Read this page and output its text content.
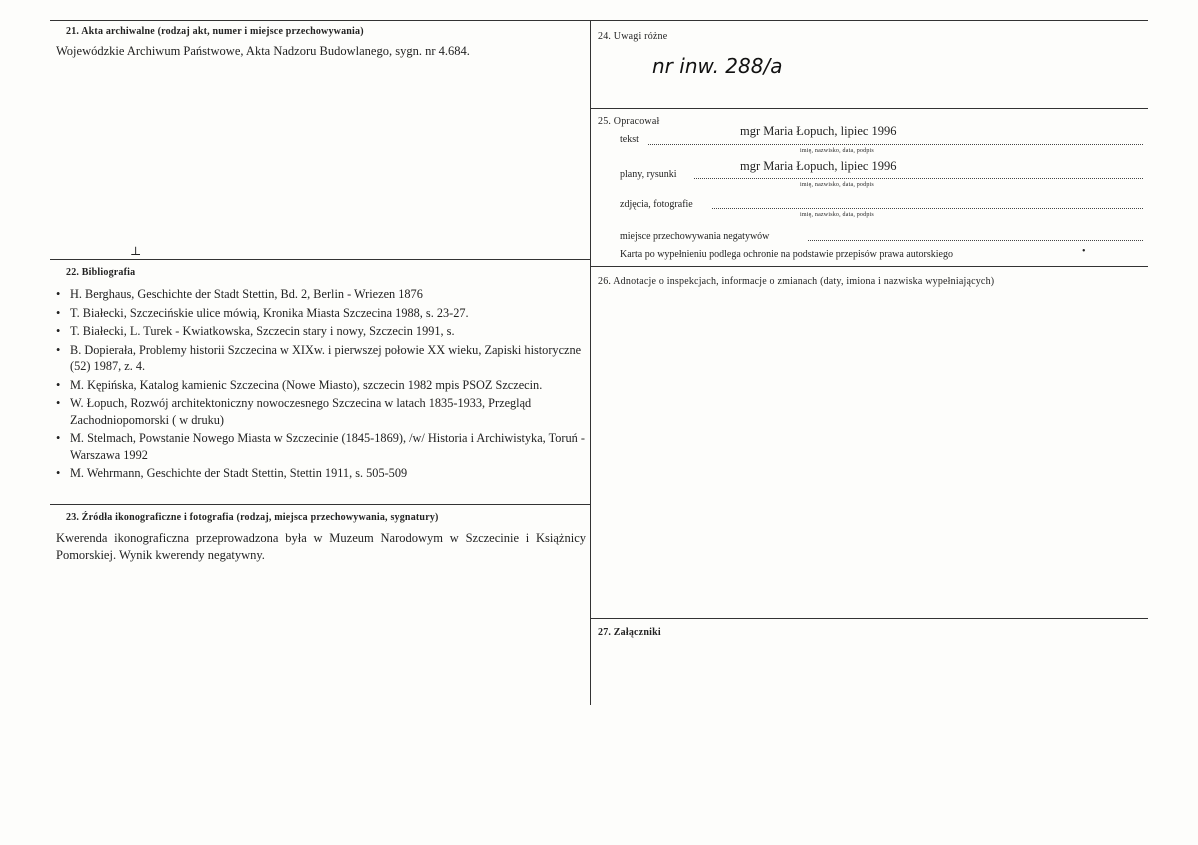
21. Akta archiwalne (rodzaj akt, numer i miejsce przechowywania)
Wojewódzkie Archiwum Państwowe, Akta Nadzoru Budowlanego, sygn. nr 4.684.
⊥
22. Bibliografia
• H. Berghaus, Geschichte der Stadt Stettin, Bd. 2, Berlin - Wriezen 1876
• T. Białecki, Szczecińskie ulice mówią, Kronika Miasta Szczecina 1988, s. 23-27.
• T. Białecki, L. Turek - Kwiatkowska, Szczecin stary i nowy, Szczecin 1991, s.
• B. Dopierała, Problemy historii Szczecina w XIXw. i pierwszej połowie XX wieku, Zapiski historyczne (52) 1987, z. 4.
• M. Kępińska, Katalog kamienic Szczecina (Nowe Miasto), szczecin 1982 mpis PSOZ Szczecin.
• W. Łopuch, Rozwój architektoniczny nowoczesnego Szczecina w latach 1835-1933, Przegląd Zachodniopomorski ( w druku)
• M. Stelmach, Powstanie Nowego Miasta w Szczecinie (1845-1869), /w/ Historia i Archiwistyka, Toruń - Warszawa 1992
• M. Wehrmann, Geschichte der Stadt Stettin, Stettin 1911, s. 505-509
23. Źródła ikonograficzne i fotografia (rodzaj, miejsca przechowywania, sygnatury)
Kwerenda ikonograficzna przeprowadzona była w Muzeum Narodowym w Szczecinie i Książnicy Pomorskiej. Wynik kwerendy negatywny.
24. Uwagi różne
nr inw. 288/a
25. Opracował
tekst
mgr Maria Łopuch, lipiec 1996
imię, nazwisko, data, podpis
plany, rysunki
mgr Maria Łopuch, lipiec 1996
imię, nazwisko, data, podpis
zdjęcia, fotografie
imię, nazwisko, data, podpis
miejsce przechowywania negatywów
Karta po wypełnieniu podlega ochronie na podstawie przepisów prawa autorskiego	•
26. Adnotacje o inspekcjach, informacje o zmianach (daty, imiona i nazwiska wypełniających)
27. Załączniki
